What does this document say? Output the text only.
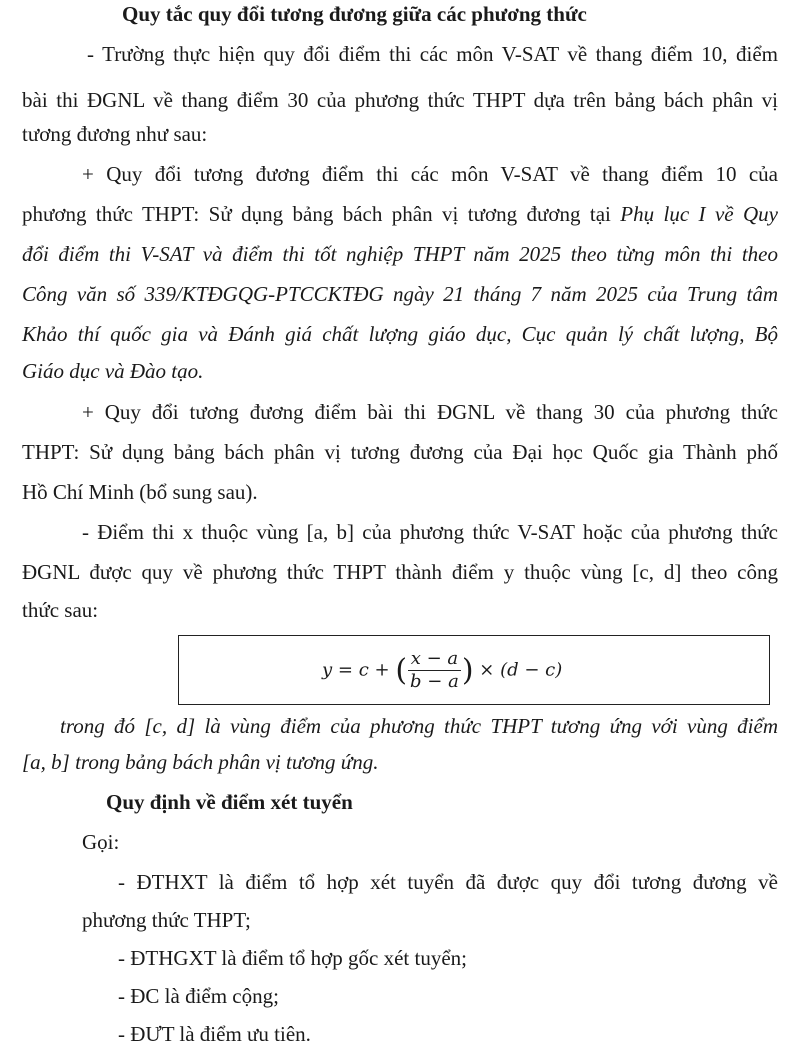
Quy tắc quy đổi tương đương giữa các phương thức
- Trường thực hiện quy đổi điểm thi các môn V-SAT về thang điểm 10, điểm
bài thi ĐGNL về thang điểm 30 của phương thức THPT dựa trên bảng bách phân vị
tương đương như sau:
+ Quy đổi tương đương điểm thi các môn V-SAT về thang điểm 10 của
phương thức THPT: Sử dụng bảng bách phân vị tương đương tại Phụ lục I về Quy
đổi điểm thi V-SAT và điểm thi tốt nghiệp THPT năm 2025 theo từng môn thi theo
Công văn số 339/KTĐGQG-PTCCKTĐG ngày 21 tháng 7 năm 2025 của Trung tâm
Khảo thí quốc gia và Đánh giá chất lượng giáo dục, Cục quản lý chất lượng, Bộ
Giáo dục và Đào tạo.
+ Quy đổi tương đương điểm bài thi ĐGNL về thang 30 của phương thức
THPT: Sử dụng bảng bách phân vị tương đương của Đại học Quốc gia Thành phố
Hồ Chí Minh (bổ sung sau).
- Điểm thi x thuộc vùng [a, b] của phương thức V-SAT hoặc của phương thức
ĐGNL được quy về phương thức THPT thành điểm y thuộc vùng [c, d] theo công
thức sau:
y = c + ( $\frac{x - a}{b - a}$ ) × (d − c)
trong đó [c, d] là vùng điểm của phương thức THPT tương ứng với vùng điểm
[a, b] trong bảng bách phân vị tương ứng.
Quy định về điểm xét tuyển
Gọi:
- ĐTHXT là điểm tổ hợp xét tuyển đã được quy đổi tương đương về
phương thức THPT;
- ĐTHGXT là điểm tổ hợp gốc xét tuyển;
- ĐC là điểm cộng;
- ĐƯT là điểm ưu tiên.
